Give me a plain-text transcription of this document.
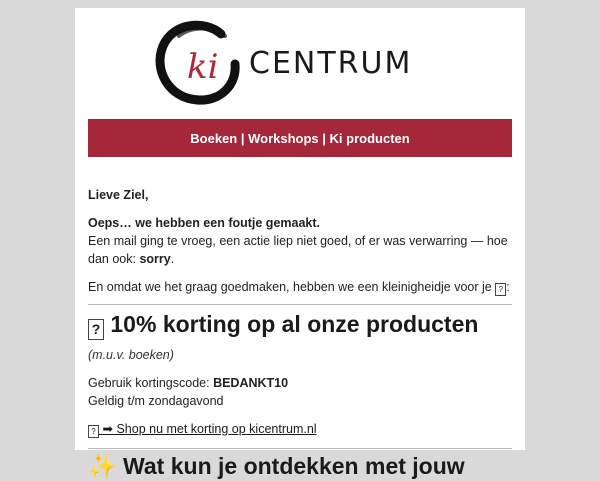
ki CENTRUM
Boeken | Workshops | Ki producten

Lieve Ziel,

Oeps… we hebben een foutje gemaakt.
Een mail ging te vroeg, een actie liep niet goed, of er was verwarring — hoe dan ook: sorry.

En omdat we het graag goedmaken, hebben we een kleinigheidje voor je ? :

? 10% korting op al onze producten

(m.u.v. boeken)

Gebruik kortingscode: BEDANKT10

Geldig t/m zondagavond

? ➡ Shop nu met korting op kicentrum.nl

✨ Wat kun je ontdekken met jouw
